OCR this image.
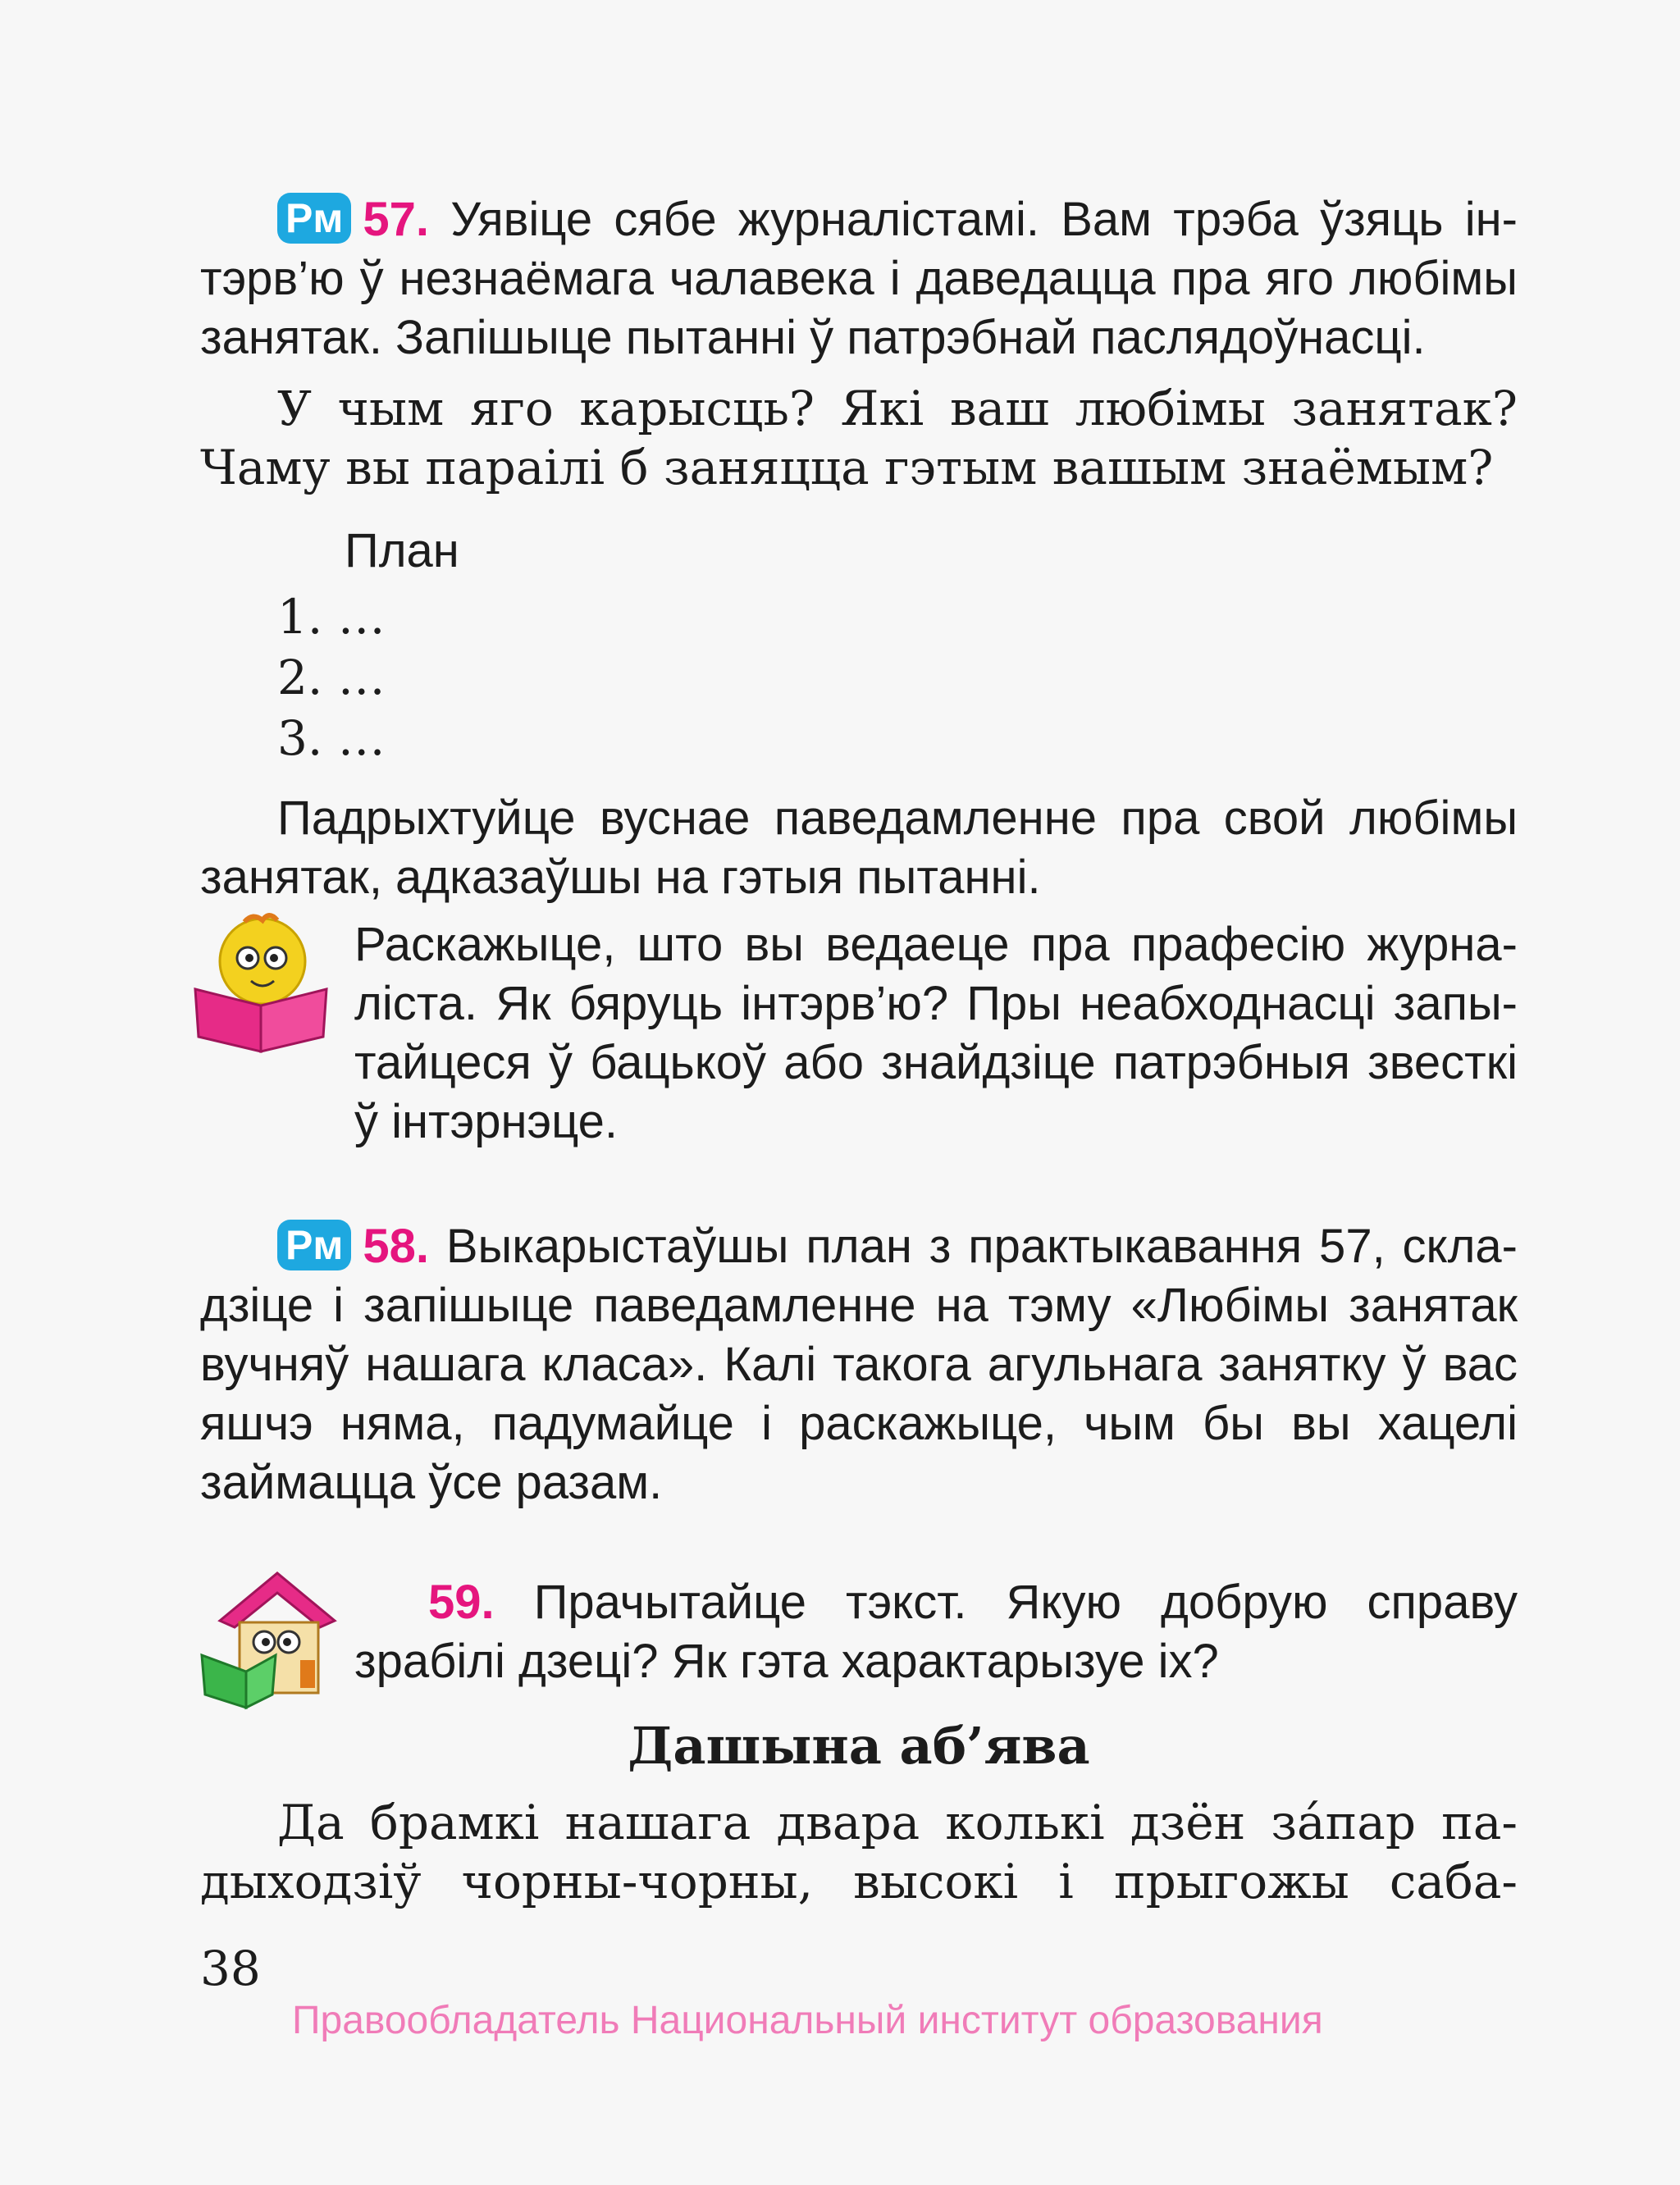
Рм 57. Уявіце сябе журналістамі. Вам трэба ўзяць ін-
тэрв’ю ў незнаёмага чалавека і даведацца пра яго любімы
занятак. Запішыце пытанні ў патрэбнай паслядоўнасці.
У чым яго карысць? Які ваш любімы занятак?
Чаму вы параілі б заняцца гэтым вашым знаёмым?
План
1. …
2. …
3. …
Падрыхтуйце вуснае паведамленне пра свой любімы
занятак, адказаўшы на гэтыя пытанні.
Раскажыце, што вы ведаеце пра прафесію журна-
ліста. Як бяруць інтэрв’ю? Пры неабходнасці запы-
тайцеся ў бацькоў або знайдзіце патрэбныя звесткі
ў інтэрнэце.
Рм 58. Выкарыстаўшы план з практыкавання 57, скла-
дзіце і запішыце паведамленне на тэму «Любімы занятак
вучняў нашага класа». Калі такога агульнага занятку ў вас
яшчэ няма, падумайце і раскажыце, чым бы вы хацелі
займацца ўсе разам.
59. Прачытайце тэкст. Якую добрую справу
зрабілі дзеці? Як гэта характарызуе іх?
Дашына аб’ява
Да брамкі нашага двара колькі дзён за́пар па-
дыходзіў чорны-чорны, высокі і прыгожы саба-
38
Правообладатель Национальный институт образования
